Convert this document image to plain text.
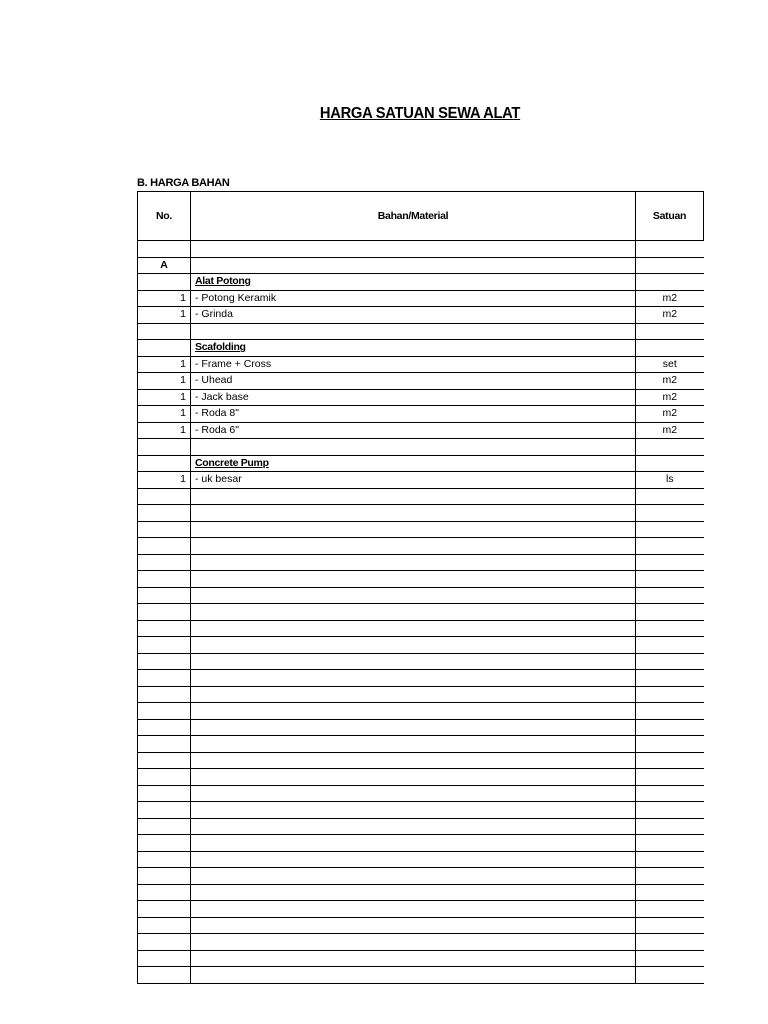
HARGA SATUAN SEWA ALAT
B. HARGA BAHAN
No.	Bahan/Material	Satuan

A		
	Alat Potong	
1	- Potong Keramik	m2
1	- Grinda	m2

	Scafolding	
1	- Frame + Cross	set
1	- Uhead	m2
1	- Jack base	m2
1	- Roda 8"	m2
1	- Roda 6"	m2

	Concrete Pump	
1	- uk besar	ls
